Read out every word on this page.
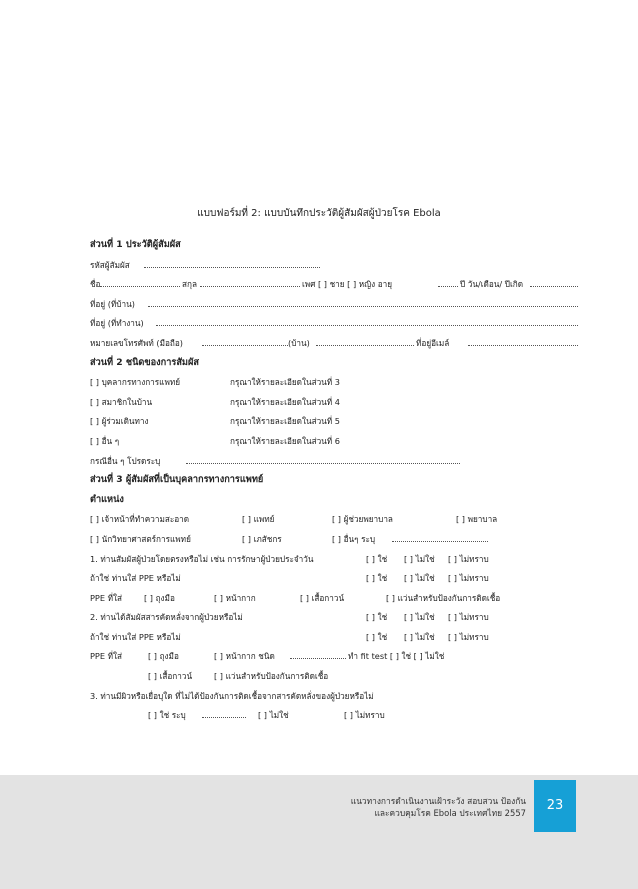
แบบฟอร์มที่ 2: แบบบันทึกประวัติผู้สัมผัสผู้ป่วยโรค Ebola
ส่วนที่ 1 ประวัติผู้สัมผัส
รหัสผู้สัมผัส
ชื่อ	สกุล	เพศ [ ] ชาย [ ] หญิง อายุ	ปี วัน/เดือน/ ปีเกิด
ที่อยู่ (ที่บ้าน)
ที่อยู่ (ที่ทำงาน)
หมายเลขโทรศัพท์ (มือถือ)	(บ้าน)	ที่อยู่อีเมล์
ส่วนที่ 2 ชนิดของการสัมผัส
[ ] บุคลากรทางการแพทย์	กรุณาให้รายละเอียดในส่วนที่ 3
[ ] สมาชิกในบ้าน	กรุณาให้รายละเอียดในส่วนที่ 4
[ ] ผู้ร่วมเดินทาง	กรุณาให้รายละเอียดในส่วนที่ 5
[ ] อื่น ๆ	กรุณาให้รายละเอียดในส่วนที่ 6
กรณีอื่น ๆ โปรดระบุ
ส่วนที่ 3 ผู้สัมผัสที่เป็นบุคลากรทางการแพทย์
ตำแหน่ง
[ ] เจ้าหน้าที่ทำความสะอาด	[ ] แพทย์	[ ] ผู้ช่วยพยาบาล	[ ] พยาบาล
[ ] นักวิทยาศาสตร์การแพทย์	[ ] เภสัชกร	[ ] อื่นๆ ระบุ
1. ท่านสัมผัสผู้ป่วยโดยตรงหรือไม่ เช่น การรักษาผู้ป่วยประจำวัน	[ ] ใช่ [ ] ไม่ใช่ [ ] ไม่ทราบ
ถ้าใช่ ท่านใส่ PPE หรือไม่	[ ] ใช่ [ ] ไม่ใช่ [ ] ไม่ทราบ
PPE ที่ใส่	[ ] ถุงมือ	[ ] หน้ากาก	[ ] เสื้อกาวน์	[ ] แว่นสำหรับป้องกันการติดเชื้อ
2. ท่านได้สัมผัสสารคัดหลั่งจากผู้ป่วยหรือไม่	[ ] ใช่ [ ] ไม่ใช่ [ ] ไม่ทราบ
ถ้าใช่ ท่านใส่ PPE หรือไม่	[ ] ใช่ [ ] ไม่ใช่ [ ] ไม่ทราบ
PPE ที่ใส่	[ ] ถุงมือ	[ ] หน้ากาก ชนิด	ทำ fit test [ ] ใช่ [ ] ไม่ใช่
[ ] เสื้อกาวน์	[ ] แว่นสำหรับป้องกันการติดเชื้อ
3. ท่านมีผิวหรือเยื่อบุใด ที่ไม่ได้ป้องกันการติดเชื้อจากสารคัดหลั่งของผู้ป่วยหรือไม่
[ ] ใช่ ระบุ	[ ] ไม่ใช่	[ ] ไม่ทราบ
แนวทางการดำเนินงานเฝ้าระวัง สอบสวน ป้องกัน
และควบคุมโรค Ebola ประเทศไทย 2557	23
